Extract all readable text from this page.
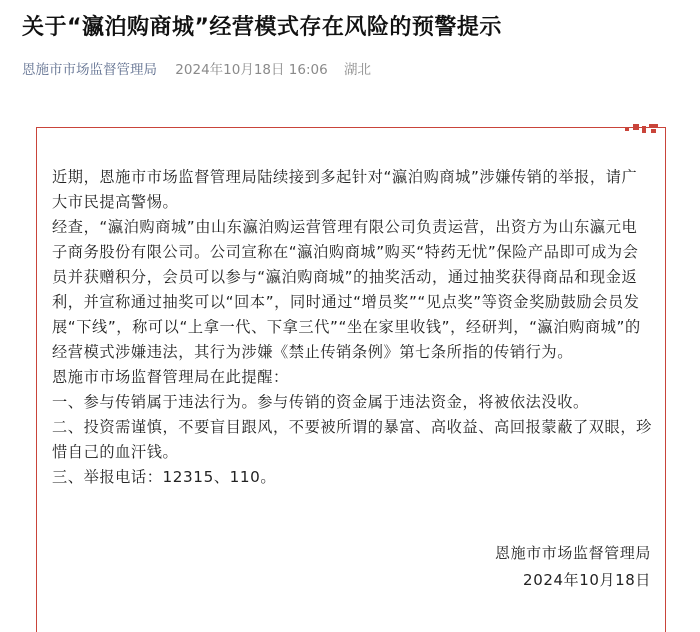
关于“瀛泊购商城”经营模式存在风险的预警提示
恩施市市场监督管理局 2024年10月18日 16:06 湖北

近期，恩施市市场监督管理局陆续接到多起针对“瀛泊购商城”涉嫌传销的举报，请广大市民提高警惕。

经查，“瀛泊购商城”由山东瀛泊购运营管理有限公司负责运营，出资方为山东瀛元电子商务股份有限公司。公司宣称在“瀛泊购商城”购买“特药无忧”保险产品即可成为会员并获赠积分，会员可以参与“瀛泊购商城”的抽奖活动，通过抽奖获得商品和现金返利，并宣称通过抽奖可以“回本”，同时通过“增员奖”“见点奖”等资金奖励鼓励会员发展“下线”，称可以“上拿一代、下拿三代”“坐在家里收钱”，经研判，“瀛泊购商城”的经营模式涉嫌违法，其行为涉嫌《禁止传销条例》第七条所指的传销行为。

恩施市市场监督管理局在此提醒：

一、参与传销属于违法行为。参与传销的资金属于违法资金，将被依法没收。

二、投资需谨慎，不要盲目跟风，不要被所谓的暴富、高收益、高回报蒙蔽了双眼，珍惜自己的血汗钱。

三、举报电话：12315、110。

恩施市市场监督管理局
2024年10月18日
